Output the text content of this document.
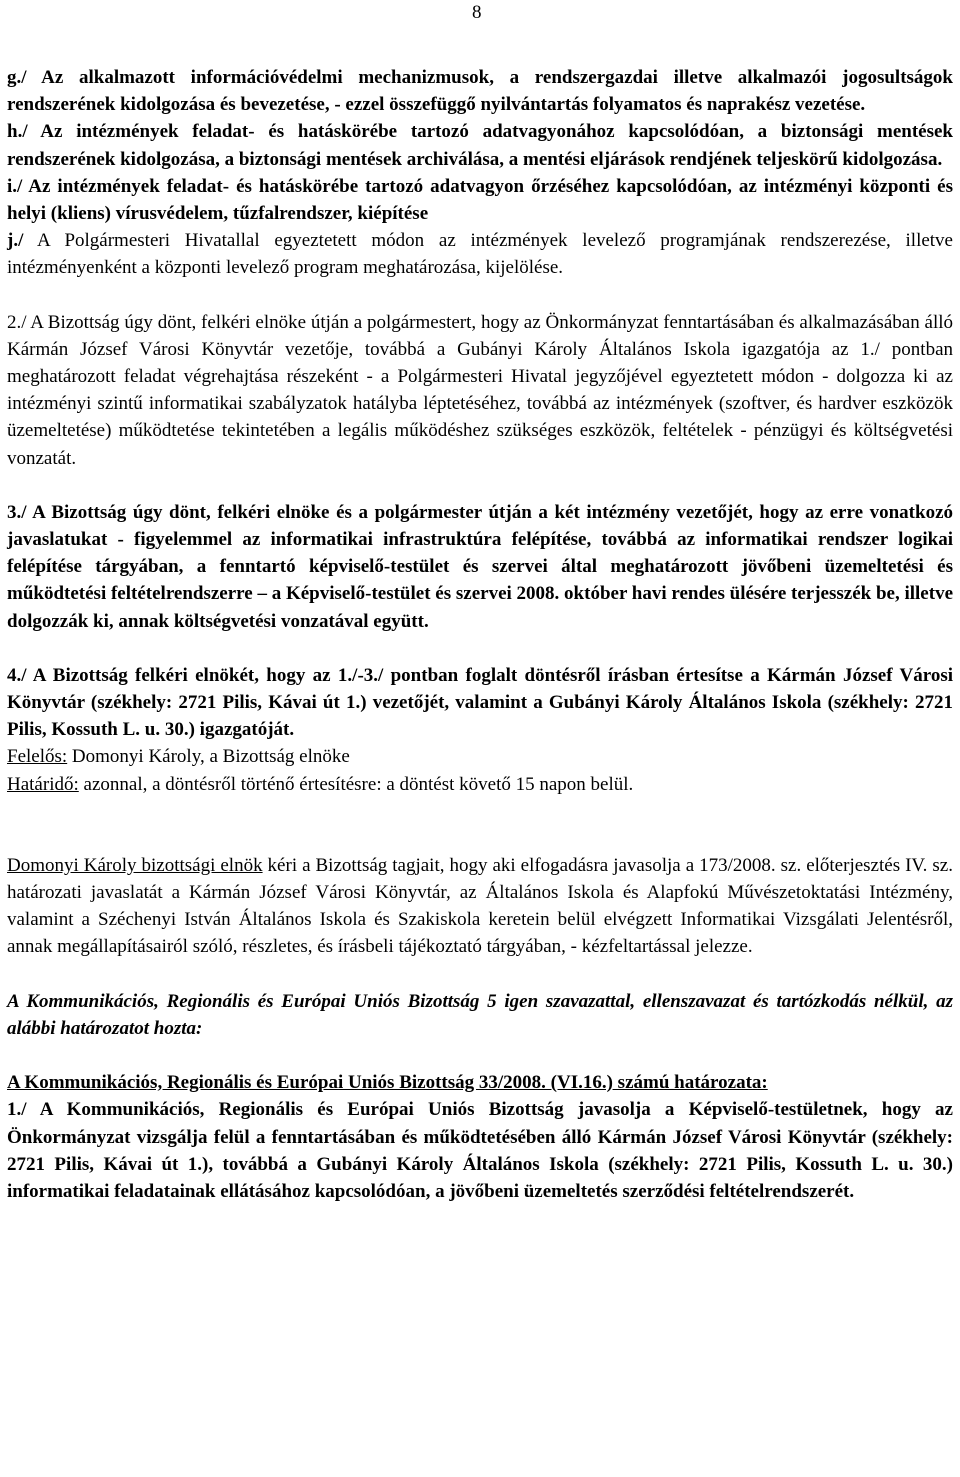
8

g./ Az alkalmazott információvédelmi mechanizmusok, a rendszergazdai illetve alkalmazói jogosultságok rendszerének kidolgozása és bevezetése, - ezzel összefüggő nyilvántartás folyamatos és naprakész vezetése.

h./ Az intézmények feladat- és hatáskörébe tartozó adatvagyonához kapcsolódóan, a biztonsági mentések rendszerének kidolgozása, a biztonsági mentések archiválása, a mentési eljárások rendjének teljeskörű kidolgozása.

i./ Az intézmények feladat- és hatáskörébe tartozó adatvagyon őrzéséhez kapcsolódóan, az intézményi központi és helyi (kliens) vírusvédelem, tűzfalrendszer, kiépítése

j./ A Polgármesteri Hivatallal egyeztetett módon az intézmények levelező programjának rendszerezése, illetve intézményenként a központi levelező program meghatározása, kijelölése.

2./ A Bizottság úgy dönt, felkéri elnöke útján a polgármestert, hogy az Önkormányzat fenntartásában és alkalmazásában álló Kármán József Városi Könyvtár vezetője, továbbá a Gubányi Károly Általános Iskola igazgatója az 1./ pontban meghatározott feladat végrehajtása részeként - a Polgármesteri Hivatal jegyzőjével egyeztetett módon - dolgozza ki az intézményi szintű informatikai szabályzatok hatályba léptetéséhez, továbbá az intézmények (szoftver, és hardver eszközök üzemeltetése) működtetése tekintetében a legális működéshez szükséges eszközök, feltételek - pénzügyi és költségvetési vonzatát.

3./ A Bizottság úgy dönt, felkéri elnöke és a polgármester útján a két intézmény vezetőjét, hogy az erre vonatkozó javaslatukat - figyelemmel az informatikai infrastruktúra felépítése, továbbá az informatikai rendszer logikai felépítése tárgyában, a fenntartó képviselő-testület és szervei által meghatározott jövőbeni üzemeltetési és működtetési feltételrendszerre – a Képviselő-testület és szervei 2008. október havi rendes ülésére terjesszék be, illetve dolgozzák ki, annak költségvetési vonzatával együtt.

4./ A Bizottság felkéri elnökét, hogy az 1./-3./ pontban foglalt döntésről írásban értesítse a Kármán József Városi Könyvtár (székhely: 2721 Pilis, Kávai út 1.) vezetőjét, valamint a Gubányi Károly Általános Iskola (székhely: 2721 Pilis, Kossuth L. u. 30.) igazgatóját.

Felelős: Domonyi Károly, a Bizottság elnöke

Határidő: azonnal, a döntésről történő értesítésre: a döntést követő 15 napon belül.

Domonyi Károly bizottsági elnök kéri a Bizottság tagjait, hogy aki elfogadásra javasolja a 173/2008. sz. előterjesztés IV. sz. határozati javaslatát a Kármán József Városi Könyvtár, az Általános Iskola és Alapfokú Művészetoktatási Intézmény, valamint a Széchenyi István Általános Iskola és Szakiskola keretein belül elvégzett Informatikai Vizsgálati Jelentésről, annak megállapításairól szóló, részletes, és írásbeli tájékoztató tárgyában, - kézfeltartással jelezze.

A Kommunikációs, Regionális és Európai Uniós Bizottság 5 igen szavazattal, ellenszavazat és tartózkodás nélkül, az alábbi határozatot hozta:

A Kommunikációs, Regionális és Európai Uniós Bizottság 33/2008. (VI.16.) számú határozata:

1./ A Kommunikációs, Regionális és Európai Uniós Bizottság javasolja a Képviselő-testületnek, hogy az Önkormányzat vizsgálja felül a fenntartásában és működtetésében álló Kármán József Városi Könyvtár (székhely: 2721 Pilis, Kávai út 1.), továbbá a Gubányi Károly Általános Iskola (székhely: 2721 Pilis, Kossuth L. u. 30.) informatikai feladatainak ellátásához kapcsolódóan, a jövőbeni üzemeltetés szerződési feltételrendszerét.
